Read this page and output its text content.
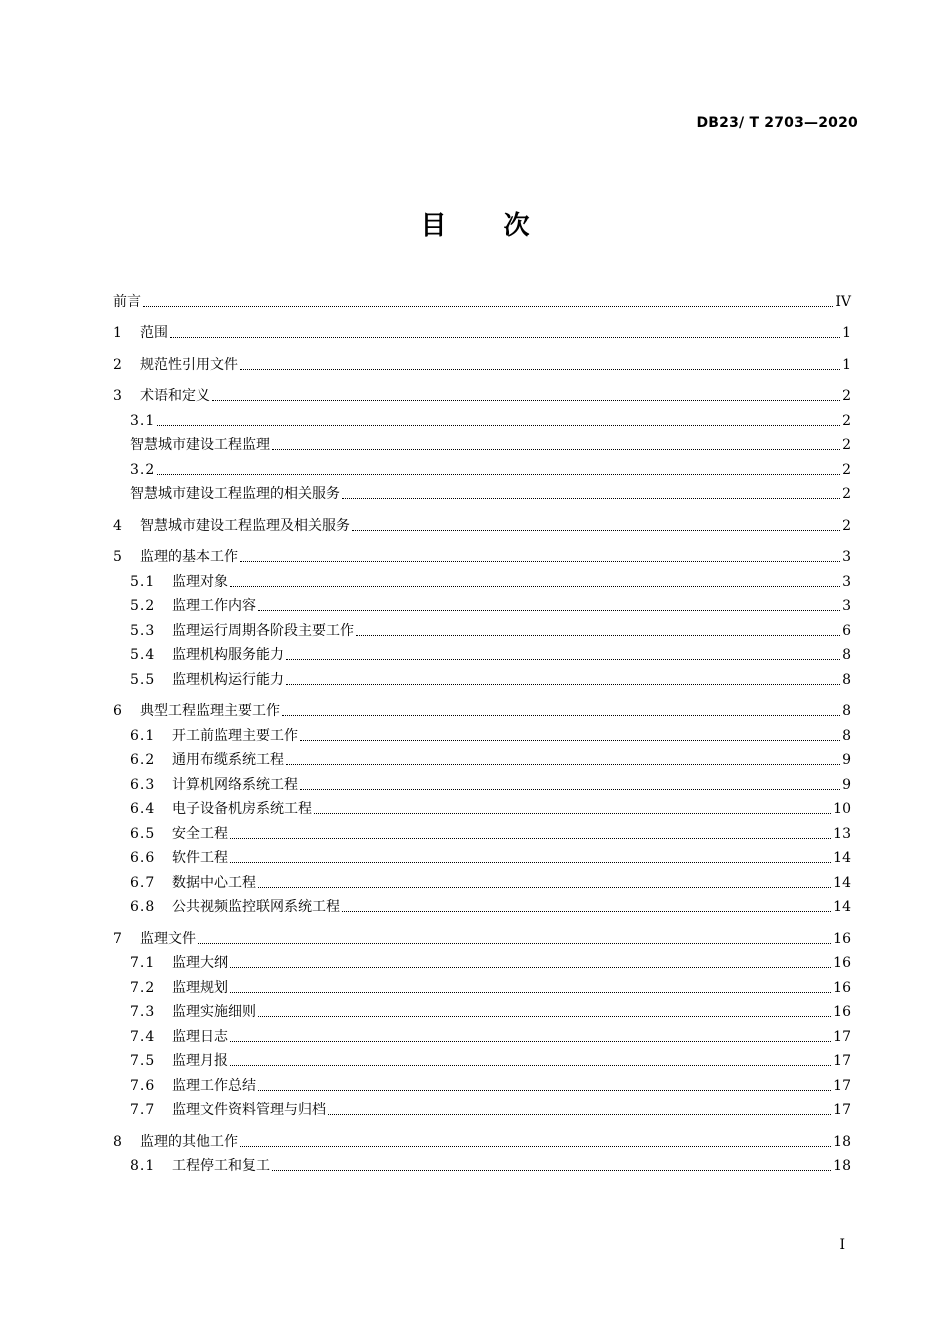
DB23/ T 2703—2020
目 次
前言	IV
1	范围	1
2	规范性引用文件	1
3	术语和定义	2
3.1	2
智慧城市建设工程监理	2
3.2	2
智慧城市建设工程监理的相关服务	2
4	智慧城市建设工程监理及相关服务	2
5	监理的基本工作	3
5.1	监理对象	3
5.2	监理工作内容	3
5.3	监理运行周期各阶段主要工作	6
5.4	监理机构服务能力	8
5.5	监理机构运行能力	8
6	典型工程监理主要工作	8
6.1	开工前监理主要工作	8
6.2	通用布缆系统工程	9
6.3	计算机网络系统工程	9
6.4	电子设备机房系统工程	10
6.5	安全工程	13
6.6	软件工程	14
6.7	数据中心工程	14
6.8	公共视频监控联网系统工程	14
7	监理文件	16
7.1	监理大纲	16
7.2	监理规划	16
7.3	监理实施细则	16
7.4	监理日志	17
7.5	监理月报	17
7.6	监理工作总结	17
7.7	监理文件资料管理与归档	17
8	监理的其他工作	18
8.1	工程停工和复工	18
I
